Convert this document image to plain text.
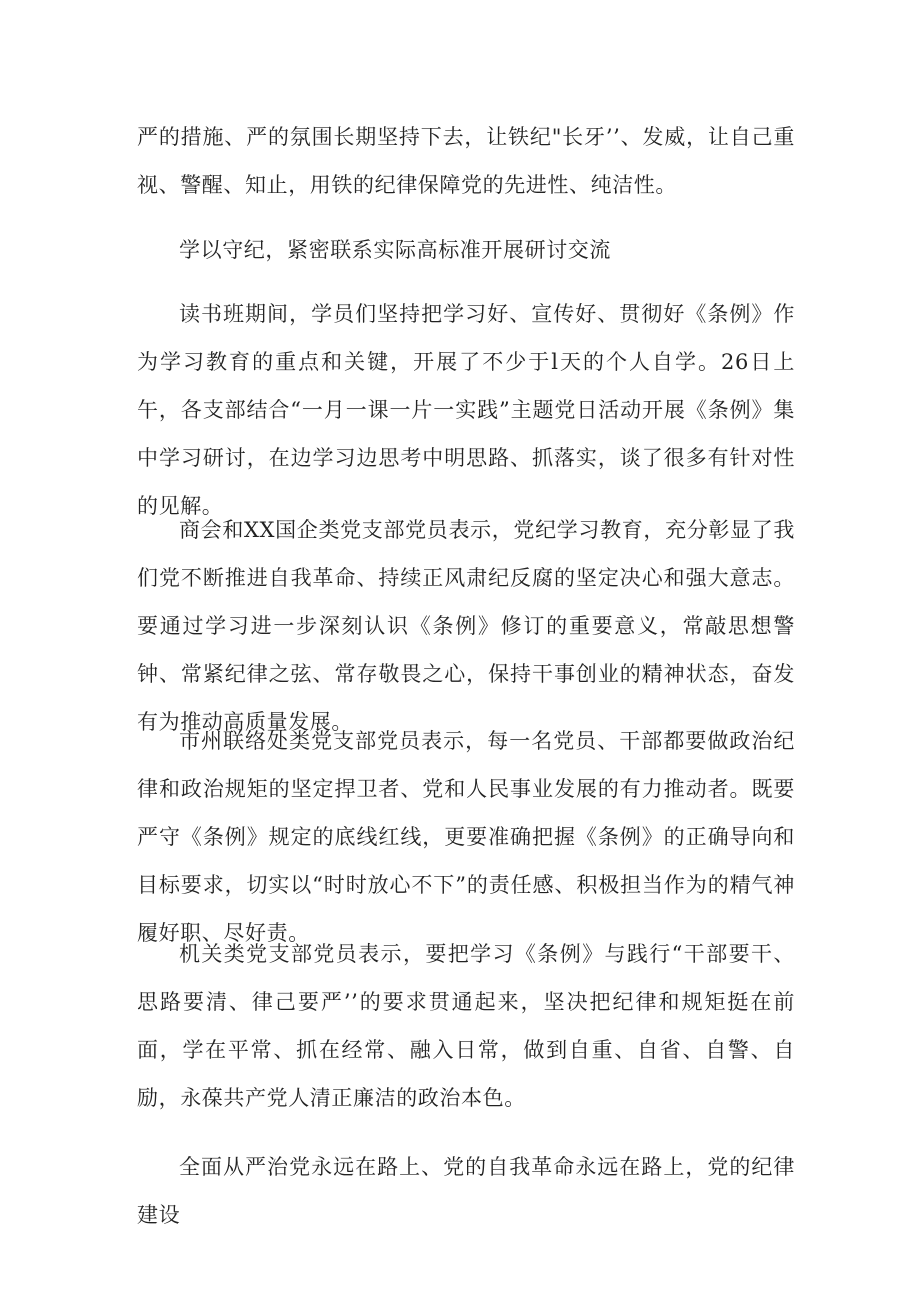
严的措施、严的氛围长期坚持下去，让铁纪"长牙’’、发威，让自己重视、警醒、知止，用铁的纪律保障党的先进性、纯洁性。

学以守纪，紧密联系实际高标准开展研讨交流

读书班期间，学员们坚持把学习好、宣传好、贯彻好《条例》作为学习教育的重点和关键，开展了不少于l天的个人自学。26日上午，各支部结合“一月一课一片一实践”主题党日活动开展《条例》集中学习研讨，在边学习边思考中明思路、抓落实，谈了很多有针对性的见解。

商会和XX国企类党支部党员表示，党纪学习教育，充分彰显了我们党不断推进自我革命、持续正风肃纪反腐的坚定决心和强大意志。要通过学习进一步深刻认识《条例》修订的重要意义，常敲思想警钟、常紧纪律之弦、常存敬畏之心，保持干事创业的精神状态，奋发有为推动高质量发展。

市州联络处类党支部党员表示，每一名党员、干部都要做政治纪律和政治规矩的坚定捍卫者、党和人民事业发展的有力推动者。既要严守《条例》规定的底线红线，更要准确把握《条例》的正确导向和目标要求，切实以“时时放心不下”的责任感、积极担当作为的精气神履好职、尽好责。

机关类党支部党员表示，要把学习《条例》与践行“干部要干、思路要清、律己要严’’的要求贯通起来，坚决把纪律和规矩挺在前面，学在平常、抓在经常、融入日常，做到自重、自省、自警、自励，永葆共产党人清正廉洁的政治本色。

全面从严治党永远在路上、党的自我革命永远在路上，党的纪律建设
